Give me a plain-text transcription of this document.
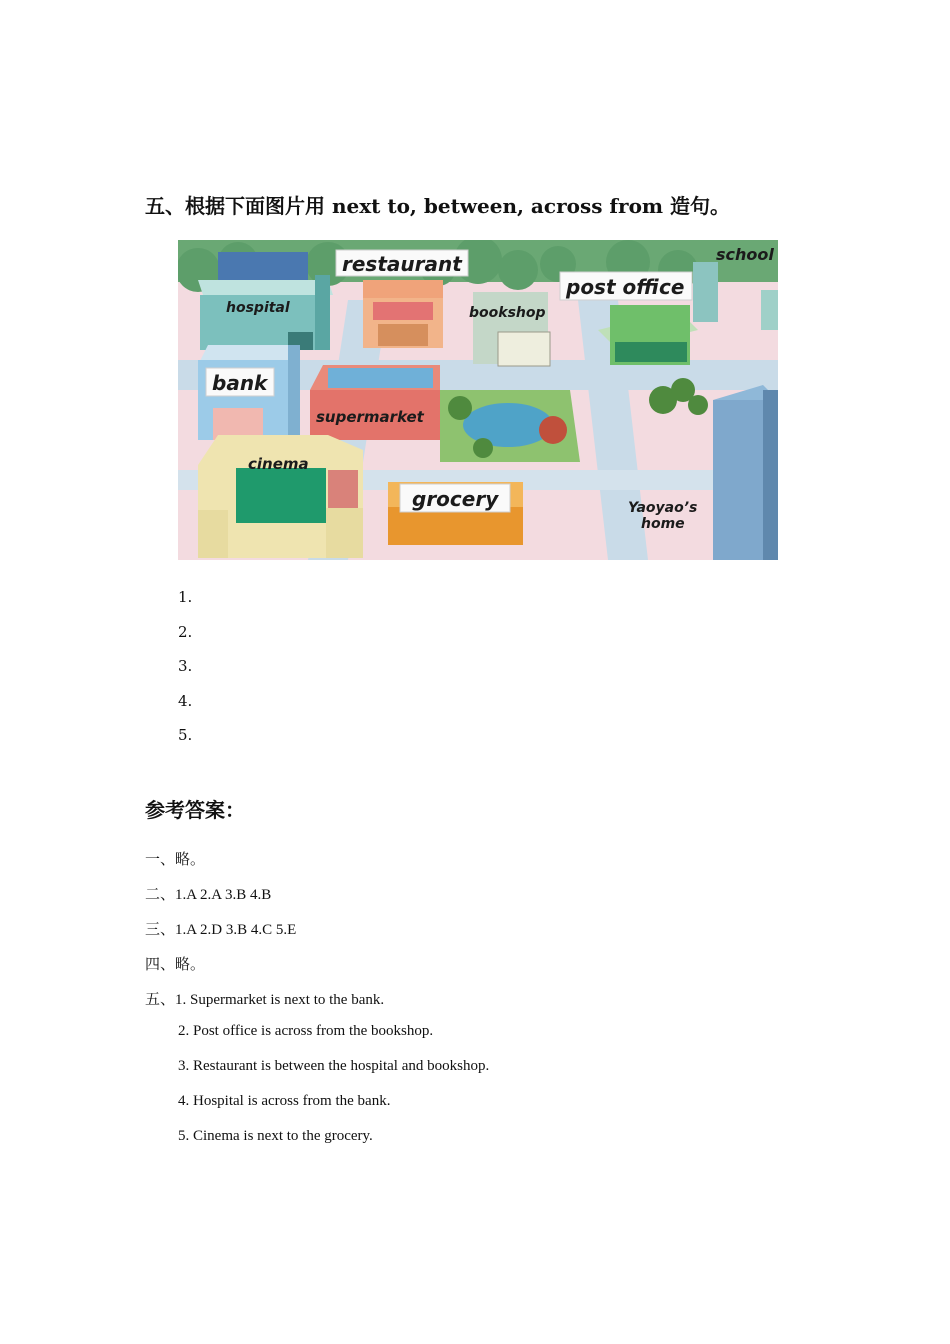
五、根据下面图片用 next to, between, across from 造句。
school
hospital
restaurant
bookshop
post office
bank
supermarket
Yaoyao’s
home
cinema
grocery
1.
2.
3.
4.
5.
参考答案：
一、略。
二、1.A 2.A 3.B 4.B
三、1.A 2.D 3.B 4.C 5.E
四、略。
五、1. Supermarket is next to the bank.
2. Post office is across from the bookshop.
3. Restaurant is between the hospital and bookshop.
4. Hospital is across from the bank.
5. Cinema is next to the grocery.
